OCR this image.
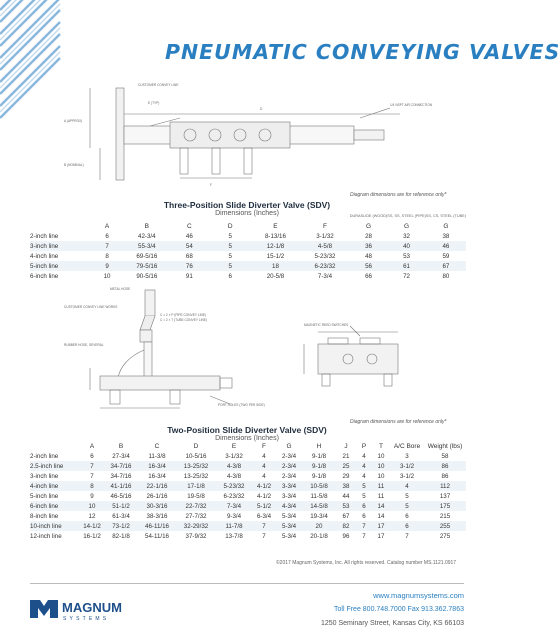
PNEUMATIC CONVEYING VALVES
CUSTOMER CONVEY LINE
E (TYP)
D
1/4 NSPT AIR CONNECTION
A (APPROX)
B (NOMINAL)
F
Diagram dimensions are for reference only*
Three-Position Slide Diverter Valve (SDV)
Dimensions (Inches)
								DURASLIDE (WOOD)	SS, SS, STEEL (PIPE)	SS, CS, STEEL (TUBE)
	A	B	C	D	E	F	G	G	G
2-inch line	6	42-3/4	46	5	8-13/16	3-1/32	28	32	38
3-inch line	7	55-3/4	54	5	12-1/8	4-5/8	36	40	46
4-inch line	8	69-5/16	68	5	15-1/2	5-23/32	48	53	59
5-inch line	9	79-5/16	76	5	18	6-23/32	56	61	67
6-inch line	10	90-5/16	91	6	20-5/8	7-3/4	66	72	80
METAL HOSE
CUSTOMER CONVEY LINE WORKS
C = 2 × P (PIPE CONVEY LINE)
C = 2 × T (TUBE CONVEY LINE)
RUBBER HOSE, SEVERAL
MAGNETIC REED SWITCHES
PORT HOLES (TWO PER SIDE)
Diagram dimensions are for reference only*
Two-Position Slide Diverter Valve (SDV)
Dimensions (Inches)
	A	B	C	D	E	F	G	H	J	P	T	A/C Bore	Weight (lbs)
2-inch line	6	27-3/4	11-3/8	10-5/16	3-1/32	4	2-3/4	9-1/8	21	4	10	3	58
2.5-inch line	7	34-7/16	16-3/4	13-25/32	4-3/8	4	2-3/4	9-1/8	25	4	10	3-1/2	86
3-inch line	7	34-7/16	16-3/4	13-25/32	4-3/8	4	2-3/4	9-1/8	29	4	10	3-1/2	86
4-inch line	8	41-1/16	22-1/16	17-1/8	5-23/32	4-1/2	3-3/4	10-5/8	38	5	11	4	112
5-inch line	9	46-5/16	26-1/16	19-5/8	6-23/32	4-1/2	3-3/4	11-5/8	44	5	11	5	137
6-inch line	10	51-1/2	30-3/16	22-7/32	7-3/4	5-1/2	4-3/4	14-5/8	53	6	14	5	175
8-inch line	12	61-3/4	38-3/16	27-7/32	9-3/4	6-3/4	5-3/4	19-3/4	67	6	14	6	215
10-inch line	14-1/2	73-1/2	46-11/16	32-29/32	11-7/8	7	5-3/4	20	82	7	17	6	255
12-inch line	16-1/2	82-1/8	54-11/16	37-9/32	13-7/8	7	5-3/4	20-1/8	96	7	17	7	275
©2017 Magnum Systems, Inc. All rights reserved. Catalog number MS.1121.0917
MAGNUM
SYSTEMS
www.magnumsystems.com
Toll Free 800.748.7000 Fax 913.362.7863
1250 Seminary Street, Kansas City, KS 66103
